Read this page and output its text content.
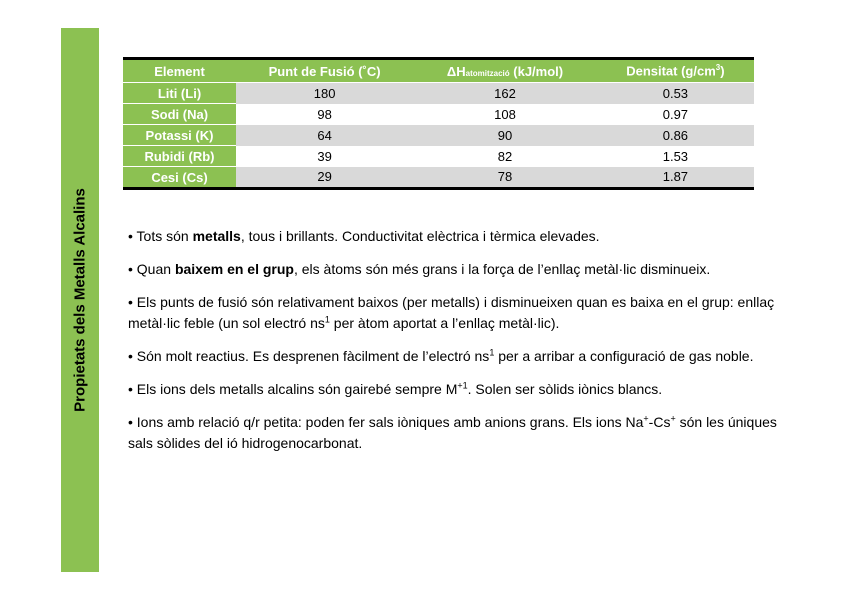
Propietats dels Metalls Alcalins
Element	Punt de Fusió (˚C)	ΔHatomització (kJ/mol)	Densitat $(g/cm^3)$
Liti (Li)	180	162	0.53
Sodi (Na)	98	108	0.97
Potassi (K)	64	90	0.86
Rubidi (Rb)	39	82	1.53
Cesi (Cs)	29	78	1.87

• Tots són metalls, tous i brillants. Conductivitat elèctrica i tèrmica elevades.

• Quan baixem en el grup, els àtoms són més grans i la força de l’enllaç metàl·lic disminueix.

• Els punts de fusió són relativament baixos (per metalls) i disminueixen quan es baixa en el grup: enllaç metàl·lic feble (un sol electró $ns^1$ per àtom aportat a l’enllaç metàl·lic).

• Són molt reactius. Es desprenen fàcilment de l’electró $ns^1$ per a arribar a configuració de gas noble.

• Els ions dels metalls alcalins són gairebé sempre $M^{+1}$. Solen ser sòlids iònics blancs.

• Ions amb relació q/r petita: poden fer sals iòniques amb anions grans. Els ions Na+-Cs+ són les úniques sals sòlides del ió hidrogenocarbonat.
